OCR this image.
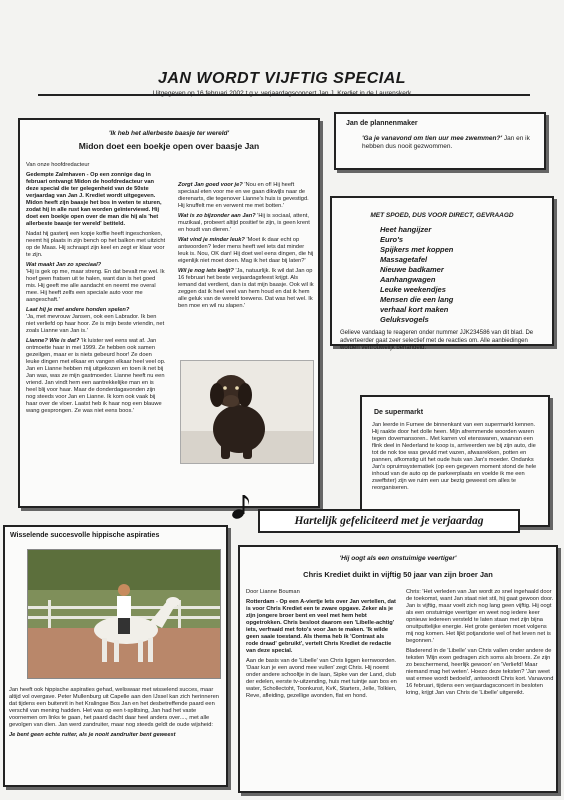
JAN WORDT VIJFTIG SPECIAL
'Ik heb het allerbeste baasje ter wereld'
Midon doet een boekje open over baasje Jan

Van onze hoofdredacteur

Gedempte Zalmhaven - Op een zonnige dag in februari ontvangt Midon de hoofdredacteur van deze special die ter gelegenheid van de 50ste verjaardag van Jan J. Krediet wordt uitgegeven. Midon heeft zijn baasje het bos in weten te sturen, zodat hij in alle rust kan worden geïnterviewd. Hij doet een boekje open over de man die hij als 'het allerbeste baasje ter wereld' betiteld.

Nadat hij gasterij een kopje koffie heeft ingeschonken, neemt hij plaats in zijn bench op het balkon met uitzicht op de Maas. Hij schraapt zijn keel en zegt er klaar voor te zijn.

Wat maakt Jan zo speciaal?

'Hij is gek op me, maar streng. En dat bevalt me wel. Ik hoef geen fratsen uit te halen, want dan is het goed mis. Hij geeft me alle aandacht en neemt me overal mee. Hij heeft zelfs een speciale auto voor me aangeschaft.'

Laat hij je met andere honden spelen?

'Ja, met mevrouw Jansen, ook een Labrador. Ik ben niet verliefd op haar hoor. Ze is mijn beste vriendin, net zoals Lianne van Jan is.'

Lianne? Wie is dat? 'Ik luister wel eens wat af. Jan ontmoette haar in mei 1999. Ze hebben ook samen gezeilgen, maar er is niets gebeurd hoor! Ze doen leuke dingen met elkaar en vangen elkaar heel veel op. Jan en Lianne hebben mij uitgekozen en toen ik net bij Jan was, was ze mijn gastmoeder. Lianne heeft nu een vriend. Jan vindt hem een aantrekkelijke man en is heel blij voor haar. Maar de donderdagavonden zijn nog steeds voor Jan en Lianne. Ik kom ook vaak bij haar over de vloer. Laatst heb ik haar nog een blauwe wang gesprongen. Ze was niet eens boos.'

Zorgt Jan goed voor je? 'Nou en of! Hij heeft speciaal eten voor me en we gaan dikwijls naar de dierenarts, die tegenover Lianne's huis is gevestigd. Hij knuffelt me en verwent me met botten.'

Wat is zo bijzonder aan Jan? 'Hij is sociaal, attent, muzikaal, probeert altijd positief te zijn, is geen krent en houdt van dieren.'

Wat vind je minder leuk? 'Moet ik daar echt op antwoorden? Ieder mens heeft wel iets dat minder leuk is. Nou, OK dan! Hij doet wel eens dingen, die hij eigenlijk niet moet doen. Mag ik het daar bij laten?'

Wil je nog iets kwijt? 'Ja, natuurlijk. Ik wil dat Jan op 16 februari het beste verjaardagsfeest krijgt. Als iemand dat verdient, dan is dat mijn baasje. Ook wil ik zeggen dat ik heel veel van hem houd en dat ik hem alle geluk van de wereld toewens. Dat was het wel. Ik ben moe en wil nu slapen.'

Jan de plannenmaker
'Ga je vanavond om tien uur mee zwemmen?' Jan en ik hebben dus nooit gezwommen.
MET SPOED, DUS VOOR DIRECT, GEVRAAGD
Heet hangijzer
Euro's
Spijkers met koppen
Massagetafel
Nieuwe badkamer
Aanhangwagen
Leuke weekendjes
Mensen die een lang
verhaal kort maken
Geluksvogels
Gelieve vandaag te reageren onder nummer JJK234586 van dit blad. De adverteerder gaat zeer selectief met de reacties om. Alle aanbiedingen worden vertrouwelijk behandeld.
De supermarkt
Jan leerde in Furnee de binnenkant van een supermarkt kennen. Hij raakte door het dolle heen. Mijn afremmende woorden waren tegen dovemansoren.. Met karren vol etenswaren, waarvan een flink deel in Nederland te koop is, arriveerden we bij zijn auto, die tot de nok toe was gevuld met vazen, afwasrekken, potten en pannen, afkomstig uit het oude huis van Jan's moeder. Ondanks Jan's opruimsystematiek (op een gegeven moment stond de hele inhoud van de auto op de parkeerplaats en voelde ik me een zweffster) zijn we ruim een uur bezig geweest om alles te reorganiseren.
Hartelijk gefeliciteerd met je verjaardag
Wisselende succesvolle hippische aspiraties

Jan heeft ook hippische aspiraties gehad, weliswaar met wisselend succes, maar altijd vol overgave. Peter Mullenburg uit Capelle aan den IJssel kan zich herinneren dat tijdens een buitenrit in het Kralingse Bos Jan en het desbetreffende paard een verschil van mening hadden. Het was op een t-splitsing, Jan had het vaste voornemen om links te gaan, het paard dacht daar heel anders over...., met alle gevolgen van dien. Jan werd zandruiter, maar nog steeds geldt de oude wijsheid:

Je bent geen echte ruiter, als je nooit zandruiter bent geweest

'Hij oogt als een onstuimige veertiger'
Chris Krediet duikt in vijftig 50 jaar van zijn broer Jan

Door Lianne Bouman

Rotterdam - Op een A-viertje lets over Jan vertellen, dat is voor Chris Krediet een te zware opgave. Zeker als je zijn jongere broer bent en veel met hem hebt opgetrokken. Chris besloot daarom een 'Libelle-achtig' iets, verfraaid met foto's voor Jan te maken. 'Ik wilde geen saaie toestand. Als thema heb ik 'Contrast als rode draad' gebruikt', vertelt Chris Krediet de redactie van deze special.

Aan de basis van de 'Libelle' van Chris liggen kernwoorden. 'Daar kun je een avond mee vullen' zegt Chris. Hij noemt onder andere schooltje in de laan, Sipke van der Land, club der edelen, eerste tv-uitzending, huis met tuintje aan bos en water, Schollectoht, Toonkunst, KvK, Starters, Jelle, Tolkien, Reve, afleiding, gezellige avonden, flat en hond.

Chris: 'Het verleden van Jan wordt zo snel ingehaald door de toekomst, want Jan staat niet stil, hij gaat gewoon door. Jan is vijftig, maar voelt zich nog lang geen vijftig. Hij oogt als een onstuimige veertiger en weet nog iedere keer opnieuw iedereen versteld te laten staan met zijn bijna onuitputtelijke energie. Het grote genieten moet volgens mij nog komen. Het lijkt potjandorie wel of het leven net is begonnen.'

Bladerend in de 'Libelle' van Chris vallen onder andere de teksten 'Mijn exen gedragen zich soms als broers. Ze zijn zo beschermend, heerlijk gewoon' en 'Verliefd! Maar niemand mag het weten'. Hoezo deze teksten? 'Jan weet wat ermee wordt bedoeld', antwoordt Chris kort. Vanavond 16 februari, tijdens een verjaardagsconcert in besloten kring, krijgt Jan van Chris de 'Libelle' uitgereikt.
